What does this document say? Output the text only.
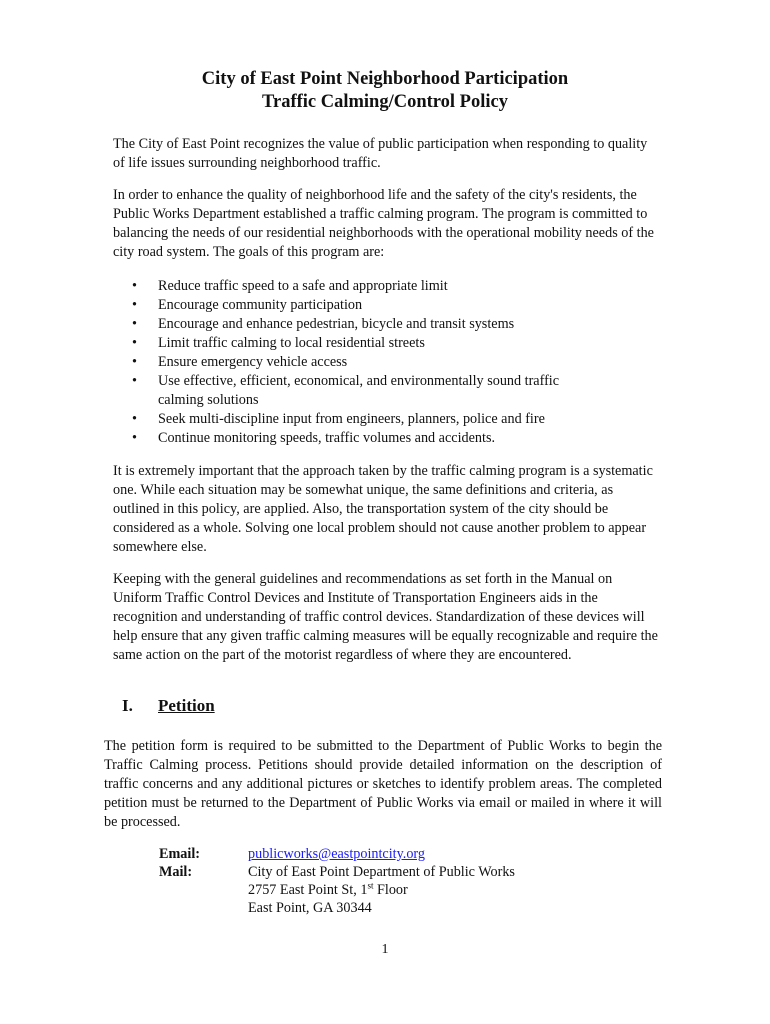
City of East Point Neighborhood Participation
Traffic Calming/Control Policy

The City of East Point recognizes the value of public participation when responding to quality of life issues surrounding neighborhood traffic.

In order to enhance the quality of neighborhood life and the safety of the city's residents, the Public Works Department established a traffic calming program. The program is committed to balancing the needs of our residential neighborhoods with the operational mobility needs of the city road system. The goals of this program are:

• Reduce traffic speed to a safe and appropriate limit
• Encourage community participation
• Encourage and enhance pedestrian, bicycle and transit systems
• Limit traffic calming to local residential streets
• Ensure emergency vehicle access
• Use effective, efficient, economical, and environmentally sound traffic calming solutions
• Seek multi-discipline input from engineers, planners, police and fire
• Continue monitoring speeds, traffic volumes and accidents.

It is extremely important that the approach taken by the traffic calming program is a systematic one. While each situation may be somewhat unique, the same definitions and criteria, as outlined in this policy, are applied. Also, the transportation system of the city should be considered as a whole. Solving one local problem should not cause another problem to appear somewhere else.

Keeping with the general guidelines and recommendations as set forth in the Manual on Uniform Traffic Control Devices and Institute of Transportation Engineers aids in the recognition and understanding of traffic control devices. Standardization of these devices will help ensure that any given traffic calming measures will be equally recognizable and require the same action on the part of the motorist regardless of where they are encountered.

I. Petition

The petition form is required to be submitted to the Department of Public Works to begin the Traffic Calming process. Petitions should provide detailed information on the description of traffic concerns and any additional pictures or sketches to identify problem areas. The completed petition must be returned to the Department of Public Works via email or mailed in where it will be processed.

Email:	publicworks@eastpointcity.org
Mail:	City of East Point Department of Public Works
2757 East Point St, 1st Floor
East Point, GA 30344
1
